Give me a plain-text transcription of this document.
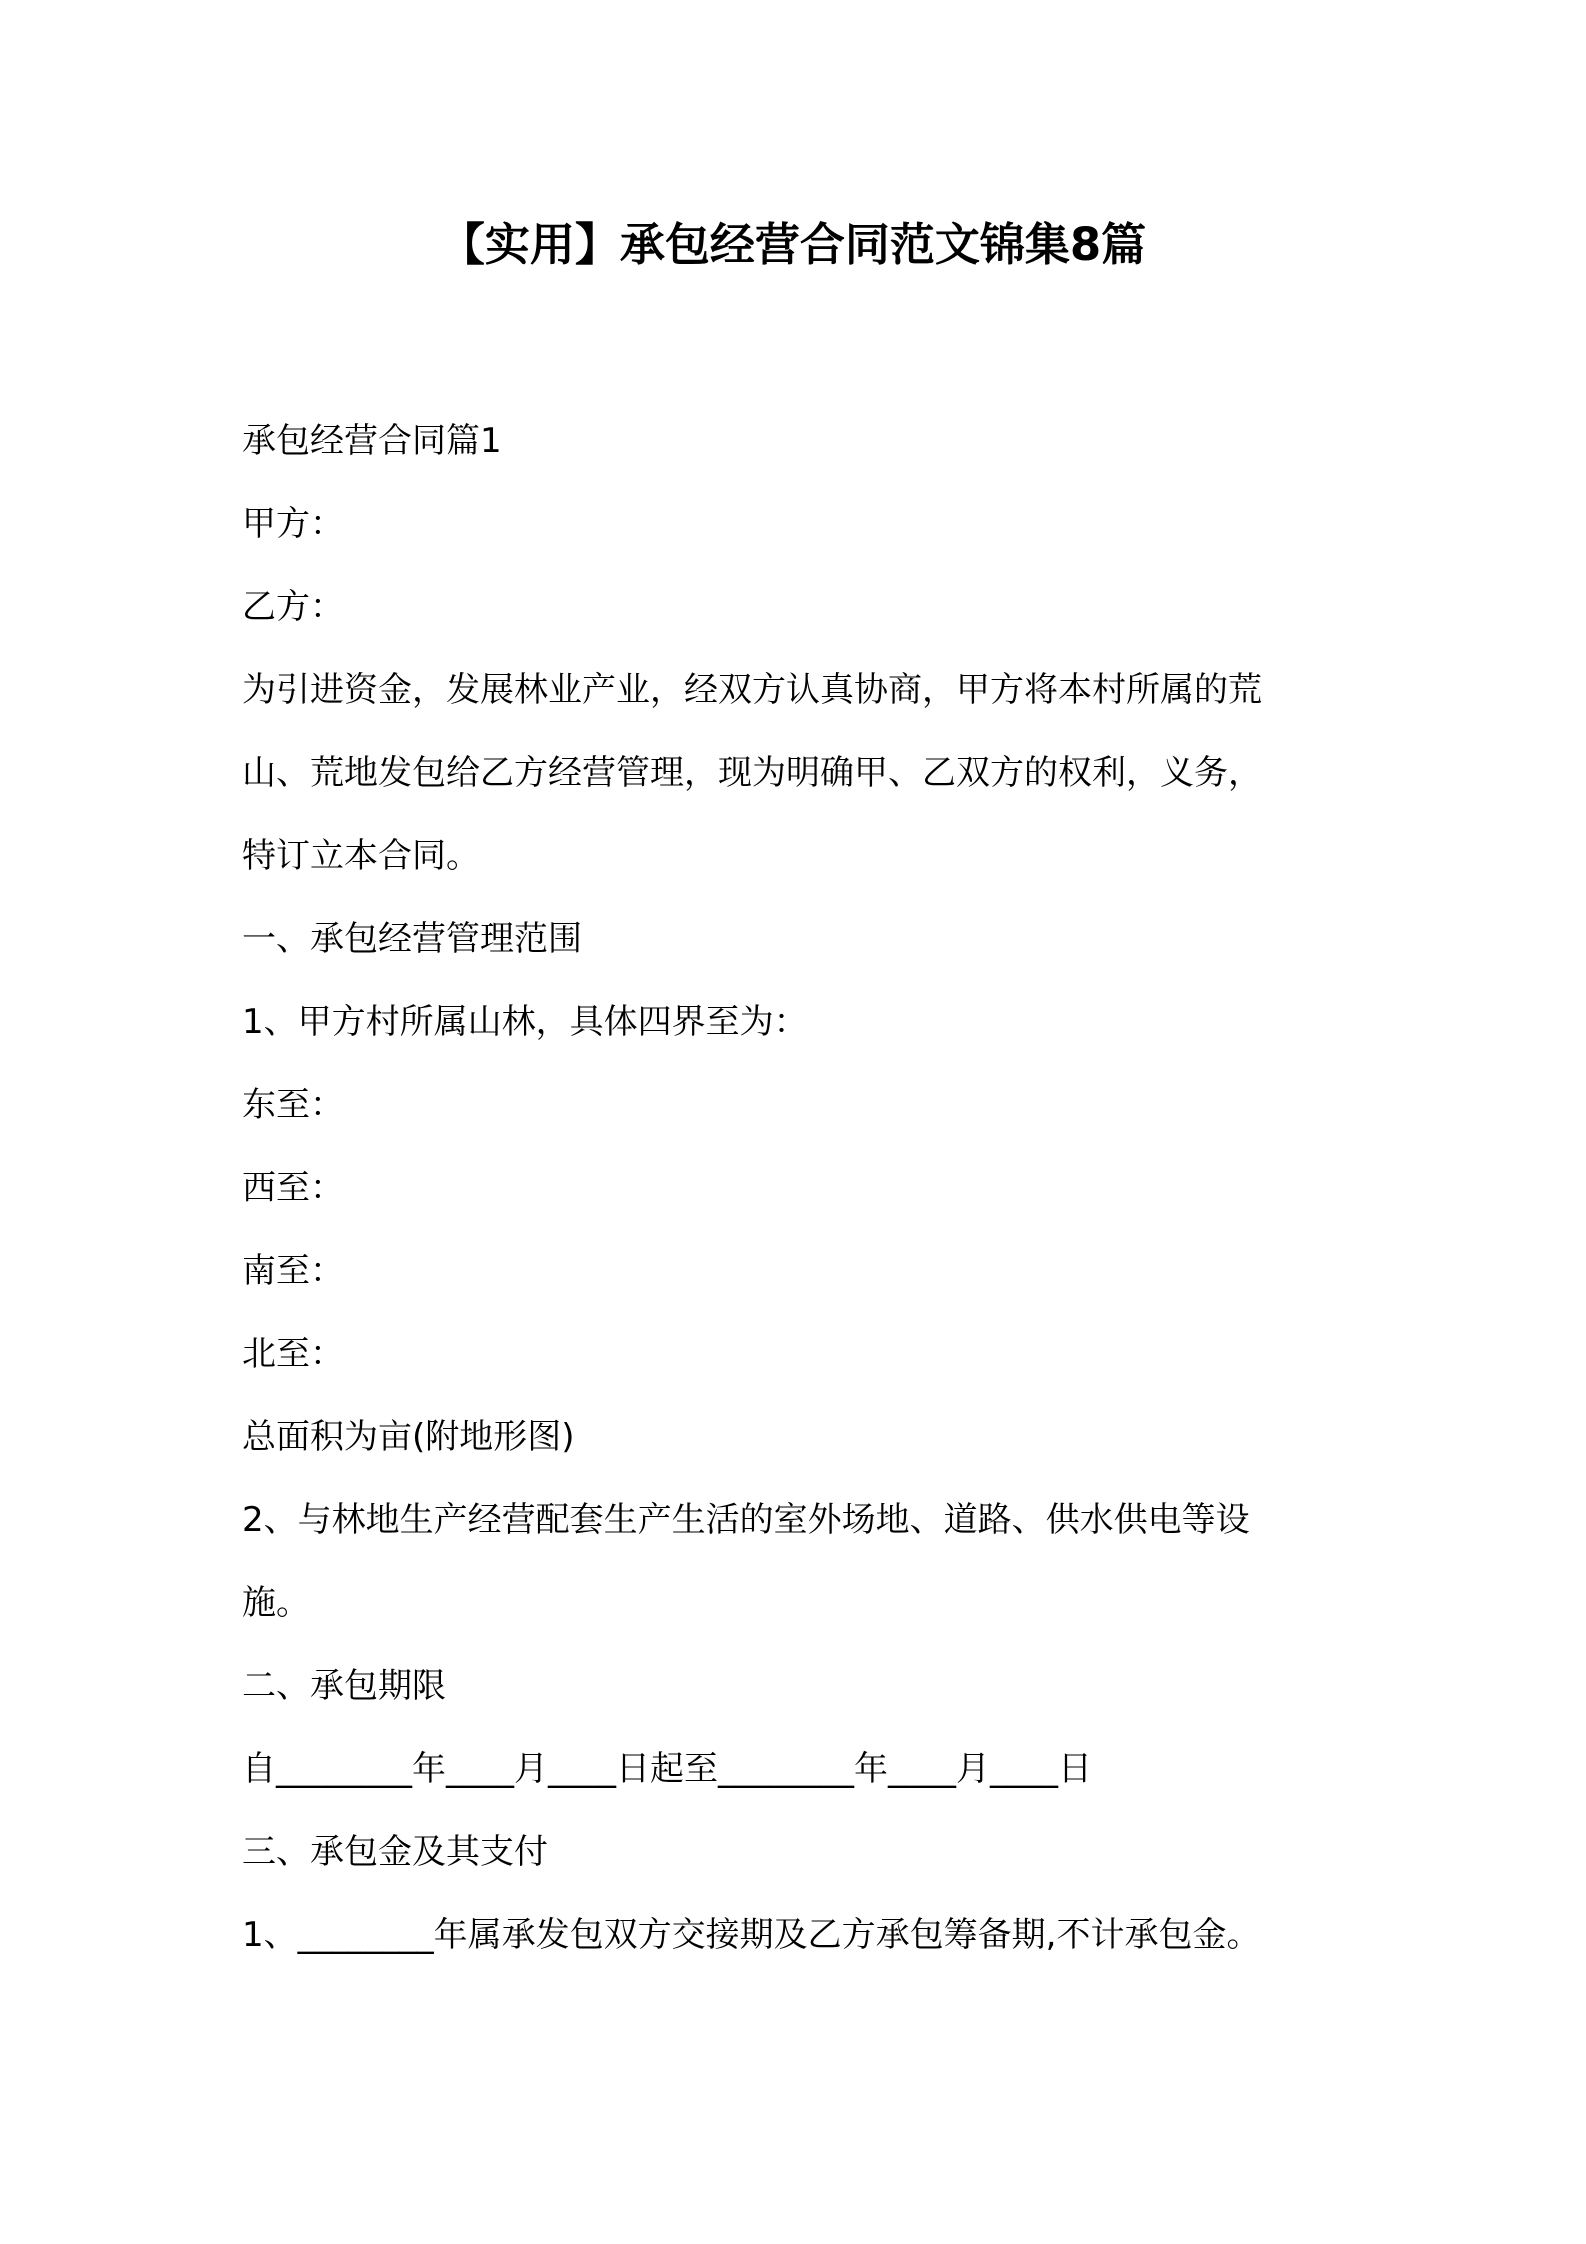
【实用】承包经营合同范文锦集8篇
承包经营合同篇1
甲方：
乙方：
为引进资金，发展林业产业，经双方认真协商，甲方将本村所属的荒
山、荒地发包给乙方经营管理，现为明确甲、乙双方的权利，义务，
特订立本合同。
一、承包经营管理范围
1、甲方村所属山林，具体四界至为：
东至：
西至：
南至：
北至：
总面积为亩(附地形图)
2、与林地生产经营配套生产生活的室外场地、道路、供水供电等设
施。
二、承包期限
自________年____月____日起至________年____月____日
三、承包金及其支付
1、________年属承发包双方交接期及乙方承包筹备期,不计承包金。
